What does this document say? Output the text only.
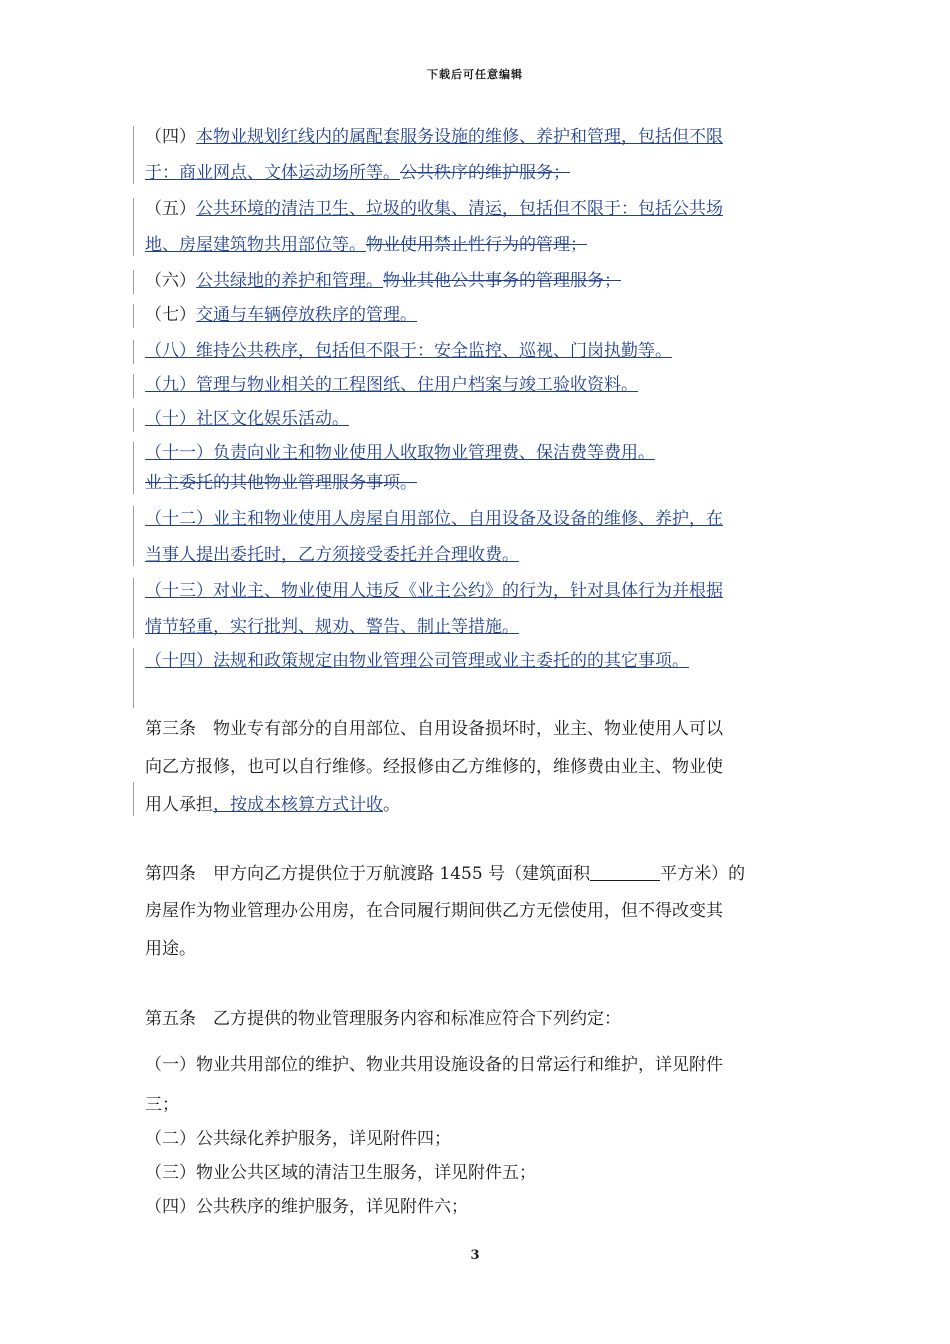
下载后可任意编辑
（四）本物业规划红线内的属配套服务设施的维修、养护和管理，包括但不限
于：商业网点、文体运动场所等。公共秩序的维护服务；
（五）公共环境的清洁卫生、垃圾的收集、清运，包括但不限于：包括公共场
地、房屋建筑物共用部位等。物业使用禁止性行为的管理；
（六）公共绿地的养护和管理。物业其他公共事务的管理服务；
（七）交通与车辆停放秩序的管理。
（八）维持公共秩序，包括但不限于：安全监控、巡视、门岗执勤等。
（九）管理与物业相关的工程图纸、住用户档案与竣工验收资料。
（十）社区文化娱乐活动。
（十一）负责向业主和物业使用人收取物业管理费、保洁费等费用。
业主委托的其他物业管理服务事项。
（十二）业主和物业使用人房屋自用部位、自用设备及设备的维修、养护，在
当事人提出委托时，乙方须接受委托并合理收费。
（十三）对业主、物业使用人违反《业主公约》的行为，针对具体行为并根据
情节轻重，实行批判、规劝、警告、制止等措施。
（十四）法规和政策规定由物业管理公司管理或业主委托的的其它事项。
第三条　物业专有部分的自用部位、自用设备损坏时，业主、物业使用人可以
向乙方报修，也可以自行维修。经报修由乙方维修的，维修费由业主、物业使
用人承担，按成本核算方式计收。
第四条　甲方向乙方提供位于万航渡路 1455 号（建筑面积	平方米）的
房屋作为物业管理办公用房，在合同履行期间供乙方无偿使用，但不得改变其
用途。
第五条　乙方提供的物业管理服务内容和标准应符合下列约定：
（一）物业共用部位的维护、物业共用设施设备的日常运行和维护，详见附件
三；
（二）公共绿化养护服务，详见附件四；
（三）物业公共区域的清洁卫生服务，详见附件五；
（四）公共秩序的维护服务，详见附件六；
3
